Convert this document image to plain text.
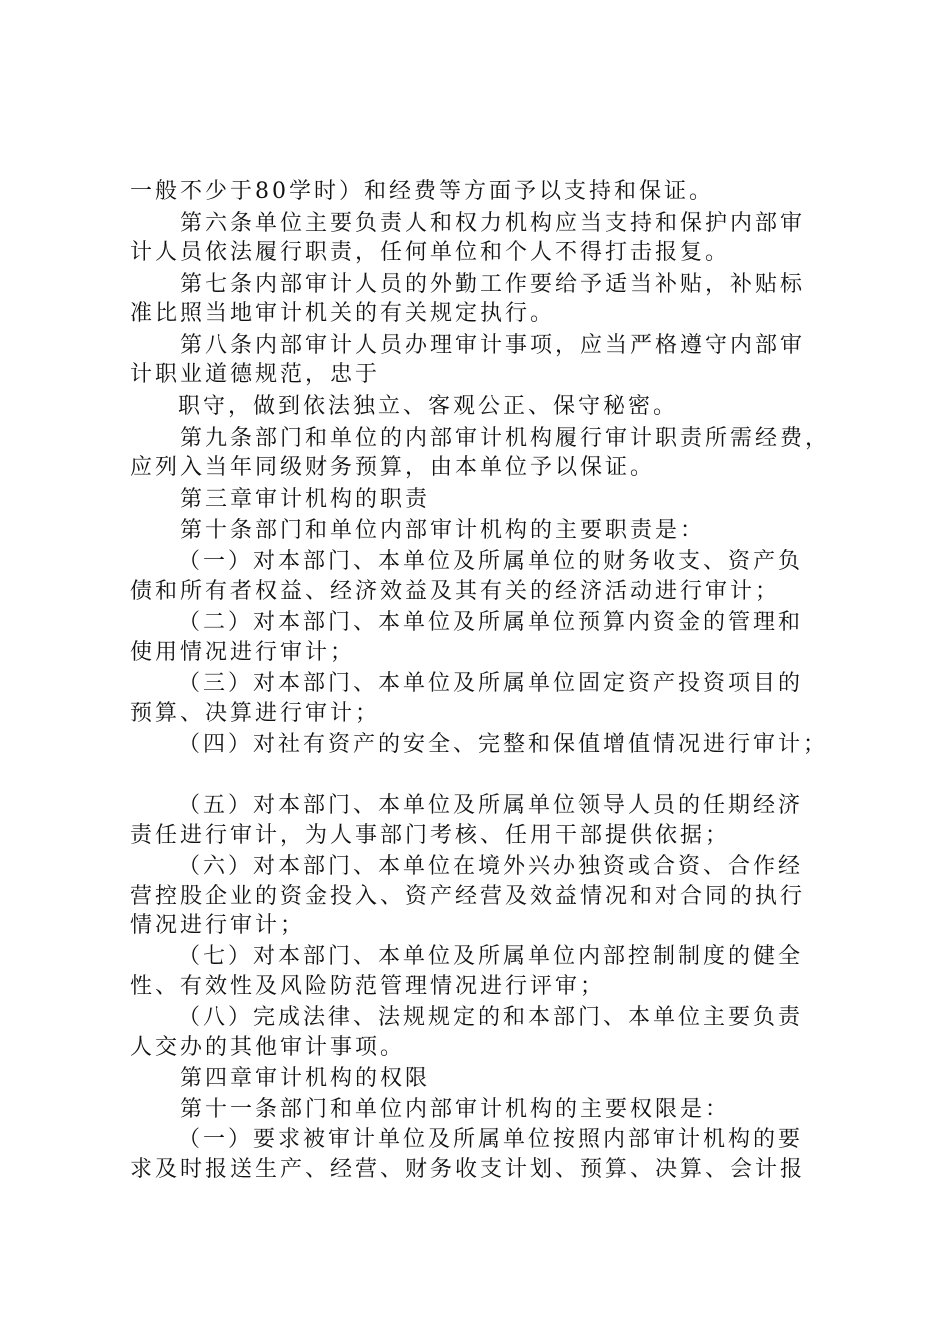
一般不少于80学时）和经费等方面予以支持和保证。
第六条单位主要负责人和权力机构应当支持和保护内部审
计人员依法履行职责，任何单位和个人不得打击报复。
第七条内部审计人员的外勤工作要给予适当补贴，补贴标
准比照当地审计机关的有关规定执行。
第八条内部审计人员办理审计事项，应当严格遵守内部审
计职业道德规范，忠于
职守，做到依法独立、客观公正、保守秘密。
第九条部门和单位的内部审计机构履行审计职责所需经费，
应列入当年同级财务预算，由本单位予以保证。
第三章审计机构的职责
第十条部门和单位内部审计机构的主要职责是：
（一）对本部门、本单位及所属单位的财务收支、资产负
债和所有者权益、经济效益及其有关的经济活动进行审计；
（二）对本部门、本单位及所属单位预算内资金的管理和
使用情况进行审计；
（三）对本部门、本单位及所属单位固定资产投资项目的
预算、决算进行审计；
（四）对社有资产的安全、完整和保值增值情况进行审计；
（五）对本部门、本单位及所属单位领导人员的任期经济
责任进行审计，为人事部门考核、任用干部提供依据；
（六）对本部门、本单位在境外兴办独资或合资、合作经
营控股企业的资金投入、资产经营及效益情况和对合同的执行
情况进行审计；
（七）对本部门、本单位及所属单位内部控制制度的健全
性、有效性及风险防范管理情况进行评审；
（八）完成法律、法规规定的和本部门、本单位主要负责
人交办的其他审计事项。
第四章审计机构的权限
第十一条部门和单位内部审计机构的主要权限是：
（一）要求被审计单位及所属单位按照内部审计机构的要
求及时报送生产、经营、财务收支计划、预算、决算、会计报
